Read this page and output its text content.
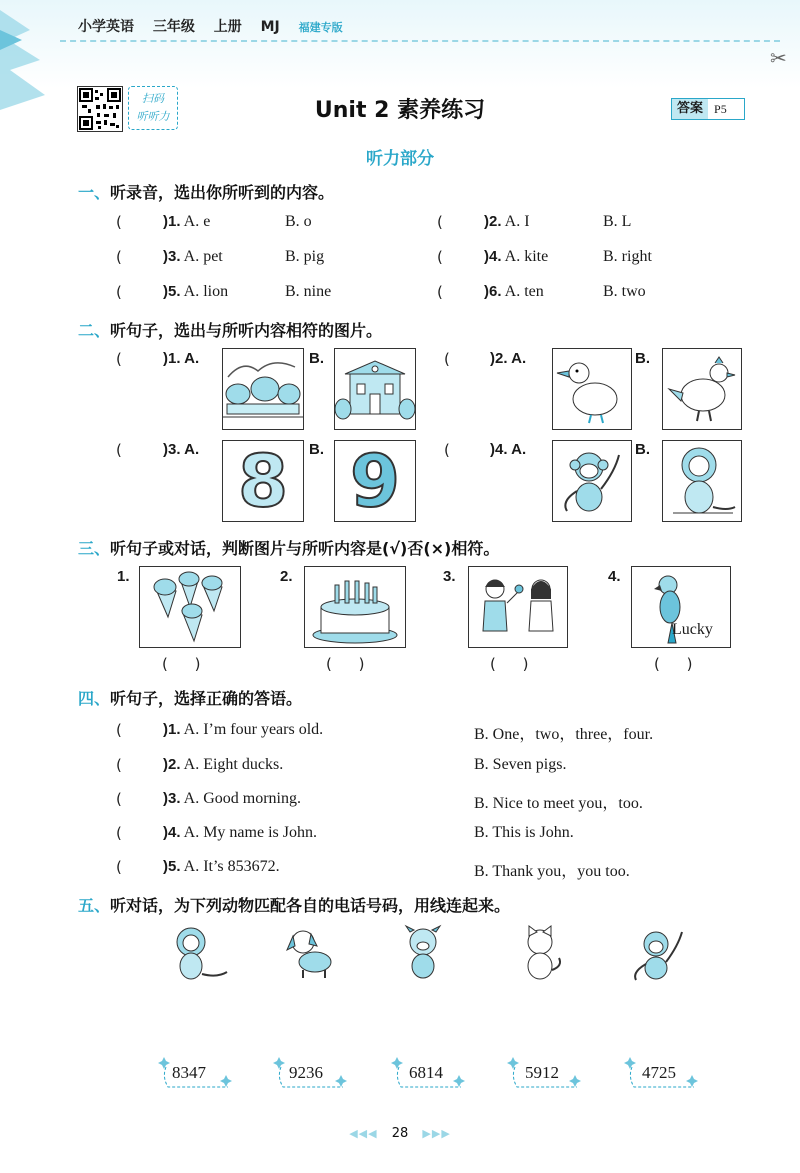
✂
小学英语 三年级 上册 MJ 福建专版
扫码
听听力	Unit 2 素养练习	答案 P5
听力部分
一、听录音，选出你所听到的内容。
(	)1. A. e	B. o	(	)2. A. I	B. L
(	)3. A. pet	B. pig	(	)4. A. kite	B. right
(	)5. A. lion	B. nine	(	)6. A. ten	B. two
二、听句子，选出与所听内容相符的图片。
(	)1. A.	B.	(	)2. A.	B.
(	)3. A. 8 B. 9	(	)4. A.	B.
三、听句子或对话，判断图片与所听内容是(√)否(×)相符。
1.	2.	3.	4.
Lucky
( )	( )	( )	( )
四、听句子，选择正确的答语。
(	)1. A. I’m four years old.	B. One，two，three，four.
(	)2. A. Eight ducks.	B. Seven pigs.
(	)3. A. Good morning.	B. Nice to meet you，too.
(	)4. A. My name is John.	B. This is John.
(	)5. A. It’s 853672.	B. Thank you，you too.
五、听对话，为下列动物匹配各自的电话号码，用线连起来。
8347	9236	6814	5912	4725
◀◀◀ 28 ▶▶▶
